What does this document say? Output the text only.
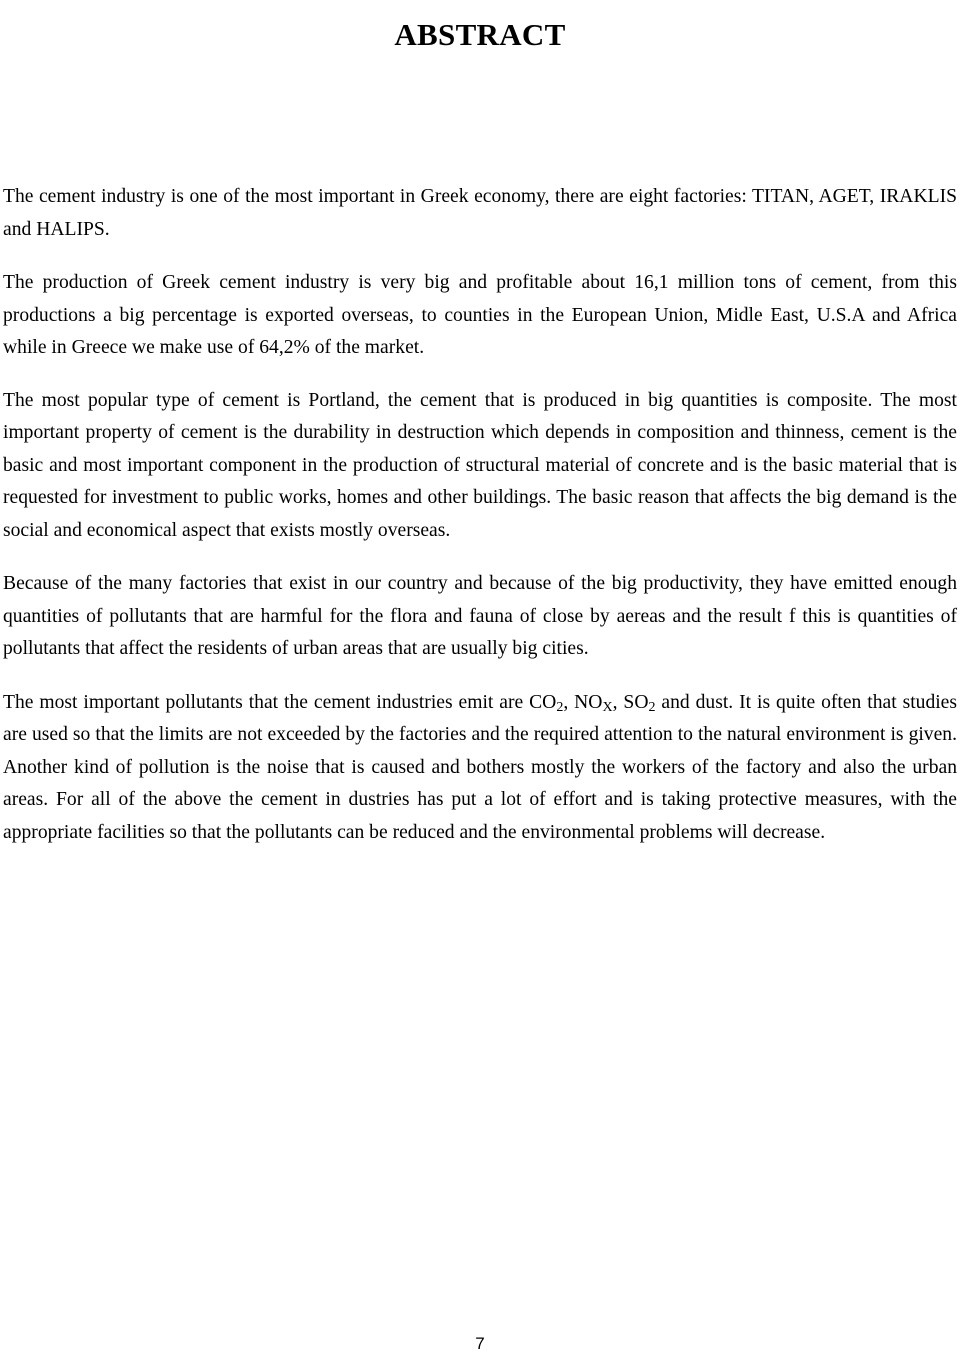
ABSTRACT

The cement industry is one of the most important in Greek economy, there are eight factories: TITAN, AGET, IRAKLIS and HALIPS.

The production of Greek cement industry is very big and profitable about 16,1 million tons of cement, from this productions a big percentage is exported overseas, to counties in the European Union, Midle East, U.S.A and Africa while in Greece we make use of 64,2% of the market.

The most popular type of cement is Portland, the cement that is produced in big quantities is composite. The most important property of cement is the durability in destruction which depends in composition and thinness, cement is the basic and most important component in the production of structural material of concrete and is the basic material that is requested for investment to public works, homes and other buildings. The basic reason that affects the big demand is the social and economical aspect that exists mostly overseas.

Because of the many factories that exist in our country and because of the big productivity, they have emitted enough quantities of pollutants that are harmful for the flora and fauna of close by aereas and the result f this is quantities of pollutants that affect the residents of urban areas that are usually big cities.

The most important pollutants that the cement industries emit are $CO_2$, $NO_X$, $SO_2$ and dust. It is quite often that studies are used so that the limits are not exceeded by the factories and the required attention to the natural environment is given. Another kind of pollution is the noise that is caused and bothers mostly the workers of the factory and also the urban areas. For all of the above the cement in dustries has put a lot of effort and is taking protective measures, with the appropriate facilities so that the pollutants can be reduced and the environmental problems will decrease.

7
